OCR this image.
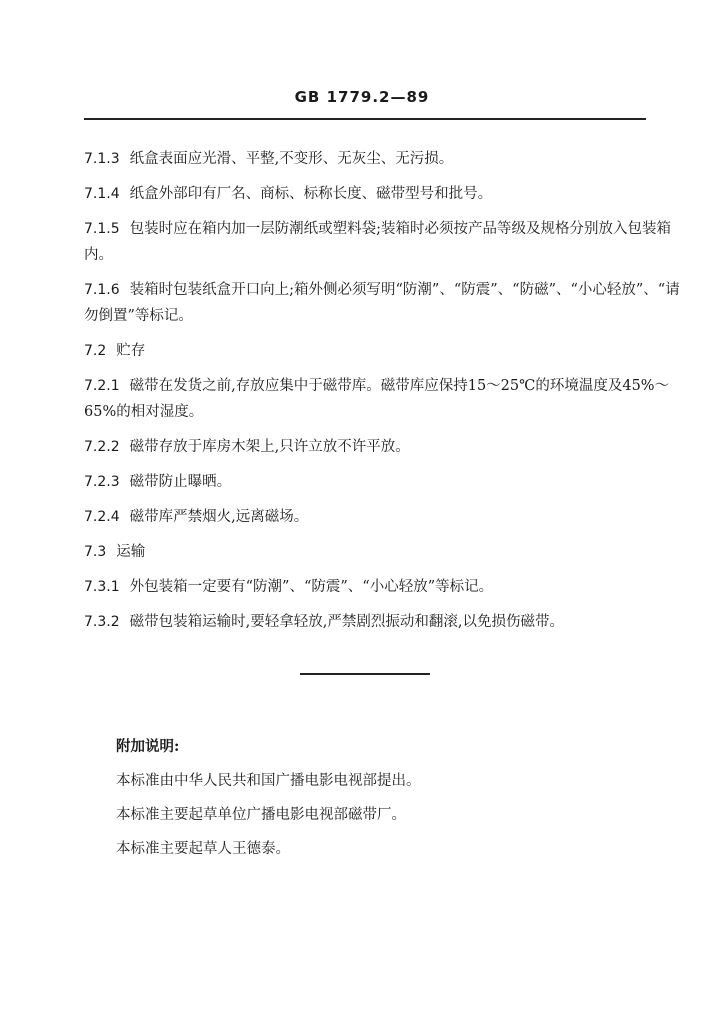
GB 1779.2—89
7.1.3 纸盒表面应光滑、平整,不变形、无灰尘、无污损。
7.1.4 纸盒外部印有厂名、商标、标称长度、磁带型号和批号。
7.1.5 包装时应在箱内加一层防潮纸或塑料袋;装箱时必须按产品等级及规格分别放入包装箱内。
7.1.6 装箱时包装纸盒开口向上;箱外侧必须写明“防潮”、“防震”、“防磁”、“小心轻放”、“请勿倒置”等标记。
7.2 贮存
7.2.1 磁带在发货之前,存放应集中于磁带库。磁带库应保持15～25℃的环境温度及45%～65%的相对湿度。
7.2.2 磁带存放于库房木架上,只许立放不许平放。
7.2.3 磁带防止曝晒。
7.2.4 磁带库严禁烟火,远离磁场。
7.3 运输
7.3.1 外包装箱一定要有“防潮”、“防震”、“小心轻放”等标记。
7.3.2 磁带包装箱运输时,要轻拿轻放,严禁剧烈振动和翻滚,以免损伤磁带。
附加说明:
本标准由中华人民共和国广播电影电视部提出。
本标准主要起草单位广播电影电视部磁带厂。
本标准主要起草人王德泰。
